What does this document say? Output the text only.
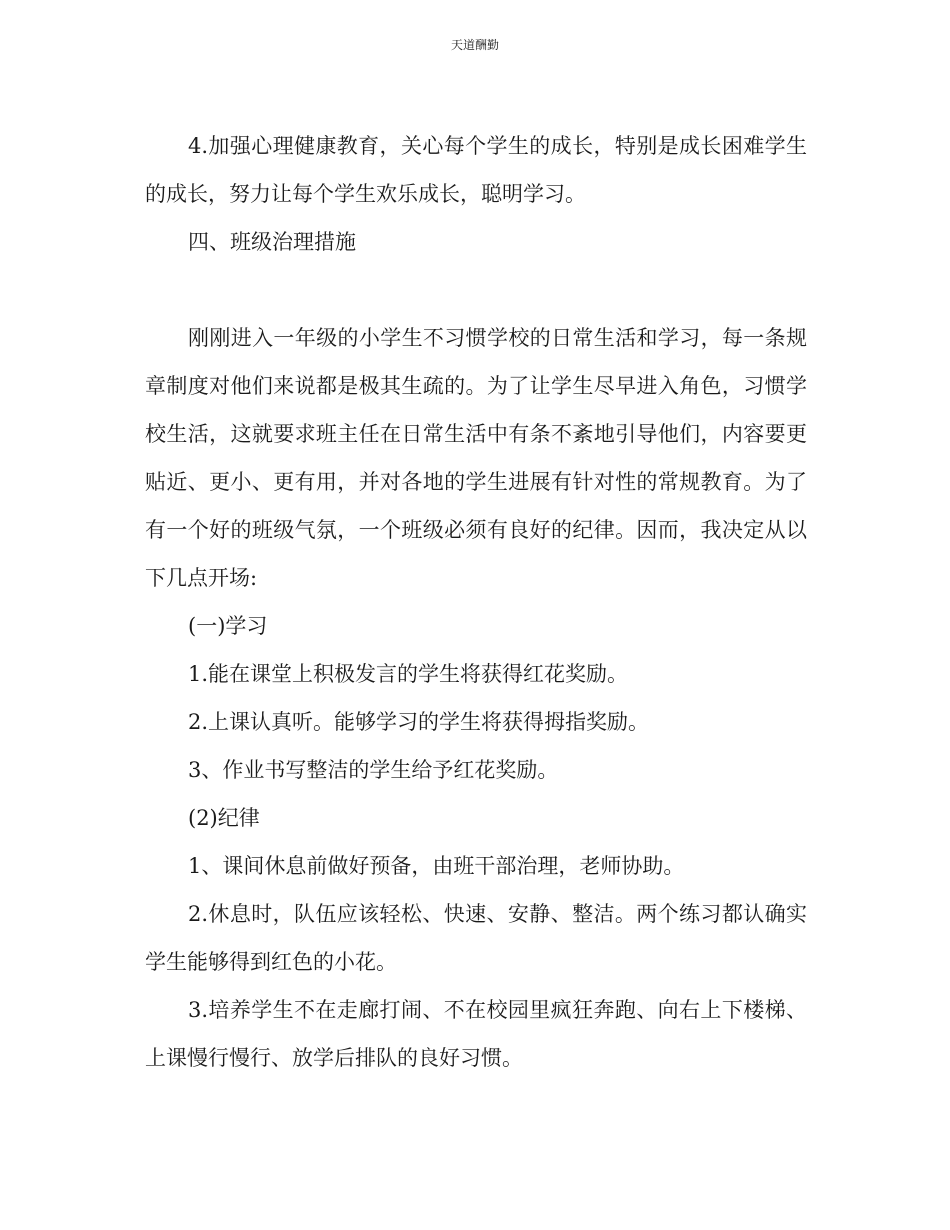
天道酬勤

4.加强心理健康教育，关心每个学生的成长，特别是成长困难学生的成长，努力让每个学生欢乐成长，聪明学习。

四、班级治理措施

刚刚进入一年级的小学生不习惯学校的日常生活和学习，每一条规章制度对他们来说都是极其生疏的。为了让学生尽早进入角色，习惯学校生活，这就要求班主任在日常生活中有条不紊地引导他们，内容要更贴近、更小、更有用，并对各地的学生进展有针对性的常规教育。为了有一个好的班级气氛，一个班级必须有良好的纪律。因而，我决定从以下几点开场:

(一)学习

1.能在课堂上积极发言的学生将获得红花奖励。

2.上课认真听。能够学习的学生将获得拇指奖励。

3、作业书写整洁的学生给予红花奖励。

(2)纪律

1、课间休息前做好预备，由班干部治理，老师协助。

2.休息时，队伍应该轻松、快速、安静、整洁。两个练习都认确实学生能够得到红色的小花。

3.培养学生不在走廊打闹、不在校园里疯狂奔跑、向右上下楼梯、上课慢行慢行、放学后排队的良好习惯。
